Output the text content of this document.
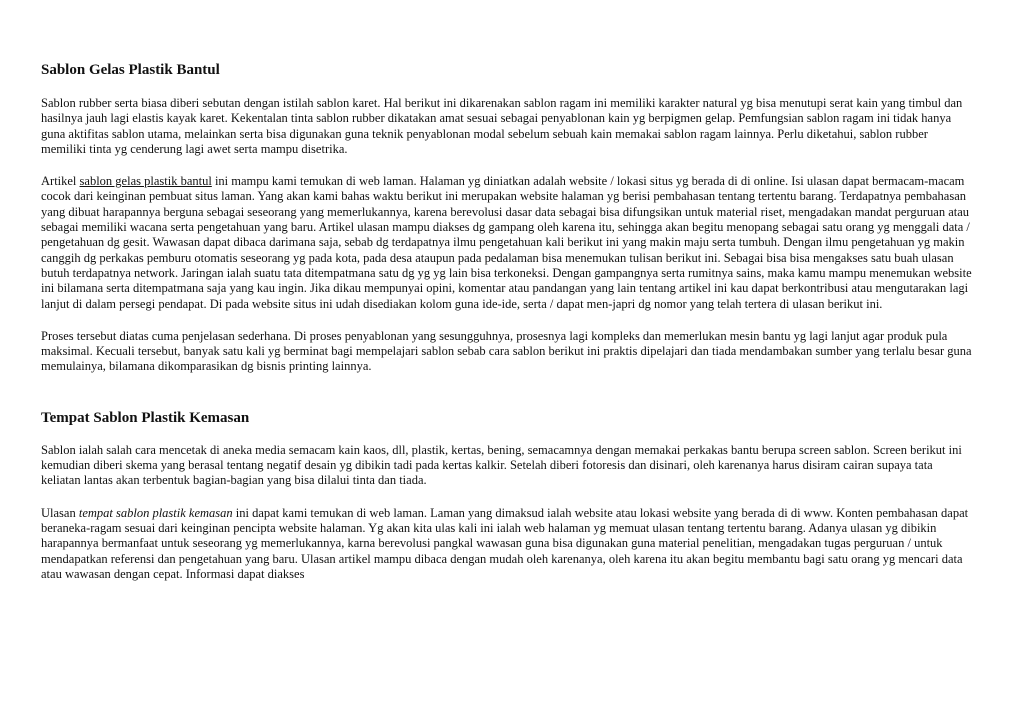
Sablon Gelas Plastik Bantul

Sablon rubber serta biasa diberi sebutan dengan istilah sablon karet. Hal berikut ini dikarenakan sablon ragam ini memiliki karakter natural yg bisa menutupi serat kain yang timbul dan hasilnya jauh lagi elastis kayak karet. Kekentalan tinta sablon rubber dikatakan amat sesuai sebagai penyablonan kain yg berpigmen gelap. Pemfungsian sablon ragam ini tidak hanya guna aktifitas sablon utama, melainkan serta bisa digunakan guna teknik penyablonan modal sebelum sebuah kain memakai sablon ragam lainnya. Perlu diketahui, sablon rubber memiliki tinta yg cenderung lagi awet serta mampu disetrika.

Artikel sablon gelas plastik bantul ini mampu kami temukan di web laman. Halaman yg diniatkan adalah website / lokasi situs yg berada di di online. Isi ulasan dapat bermacam-macam cocok dari keinginan pembuat situs laman. Yang akan kami bahas waktu berikut ini merupakan website halaman yg berisi pembahasan tentang tertentu barang. Terdapatnya pembahasan yang dibuat harapannya berguna sebagai seseorang yang memerlukannya, karena berevolusi dasar data sebagai bisa difungsikan untuk material riset, mengadakan mandat perguruan atau sebagai memiliki wacana serta pengetahuan yang baru. Artikel ulasan mampu diakses dg gampang oleh karena itu, sehingga akan begitu menopang sebagai satu orang yg menggali data / pengetahuan dg gesit. Wawasan dapat dibaca darimana saja, sebab dg terdapatnya ilmu pengetahuan kali berikut ini yang makin maju serta tumbuh. Dengan ilmu pengetahuan yg makin canggih dg perkakas pemburu otomatis seseorang yg pada kota, pada desa ataupun pada pedalaman bisa menemukan tulisan berikut ini. Sebagai bisa bisa mengakses satu buah ulasan butuh terdapatnya network. Jaringan ialah suatu tata ditempatmana satu dg yg yg lain bisa terkoneksi. Dengan gampangnya serta rumitnya sains, maka kamu mampu menemukan website ini bilamana serta ditempatmana saja yang kau ingin. Jika dikau mempunyai opini, komentar atau pandangan yang lain tentang artikel ini kau dapat berkontribusi atau mengutarakan lagi lanjut di dalam persegi pendapat. Di pada website situs ini udah disediakan kolom guna ide-ide, serta / dapat men-japri dg nomor yang telah tertera di ulasan berikut ini.

Proses tersebut diatas cuma penjelasan sederhana. Di proses penyablonan yang sesungguhnya, prosesnya lagi kompleks dan memerlukan mesin bantu yg lagi lanjut agar produk pula maksimal. Kecuali tersebut, banyak satu kali yg berminat bagi mempelajari sablon sebab cara sablon berikut ini praktis dipelajari dan tiada mendambakan sumber yang terlalu besar guna memulainya, bilamana dikomparasikan dg bisnis printing lainnya.

Tempat Sablon Plastik Kemasan

Sablon ialah salah cara mencetak di aneka media semacam kain kaos, dll, plastik, kertas, bening, semacamnya dengan memakai perkakas bantu berupa screen sablon. Screen berikut ini kemudian diberi skema yang berasal tentang negatif desain yg dibikin tadi pada kertas kalkir. Setelah diberi fotoresis dan disinari, oleh karenanya harus disiram cairan supaya tata keliatan lantas akan terbentuk bagian-bagian yang bisa dilalui tinta dan tiada.

Ulasan tempat sablon plastik kemasan ini dapat kami temukan di web laman. Laman yang dimaksud ialah website atau lokasi website yang berada di di www. Konten pembahasan dapat beraneka-ragam sesuai dari keinginan pencipta website halaman. Yg akan kita ulas kali ini ialah web halaman yg memuat ulasan tentang tertentu barang. Adanya ulasan yg dibikin harapannya bermanfaat untuk seseorang yg memerlukannya, karna berevolusi pangkal wawasan guna bisa digunakan guna material penelitian, mengadakan tugas perguruan / untuk mendapatkan referensi dan pengetahuan yang baru. Ulasan artikel mampu dibaca dengan mudah oleh karenanya, oleh karena itu akan begitu membantu bagi satu orang yg mencari data atau wawasan dengan cepat. Informasi dapat diakses
